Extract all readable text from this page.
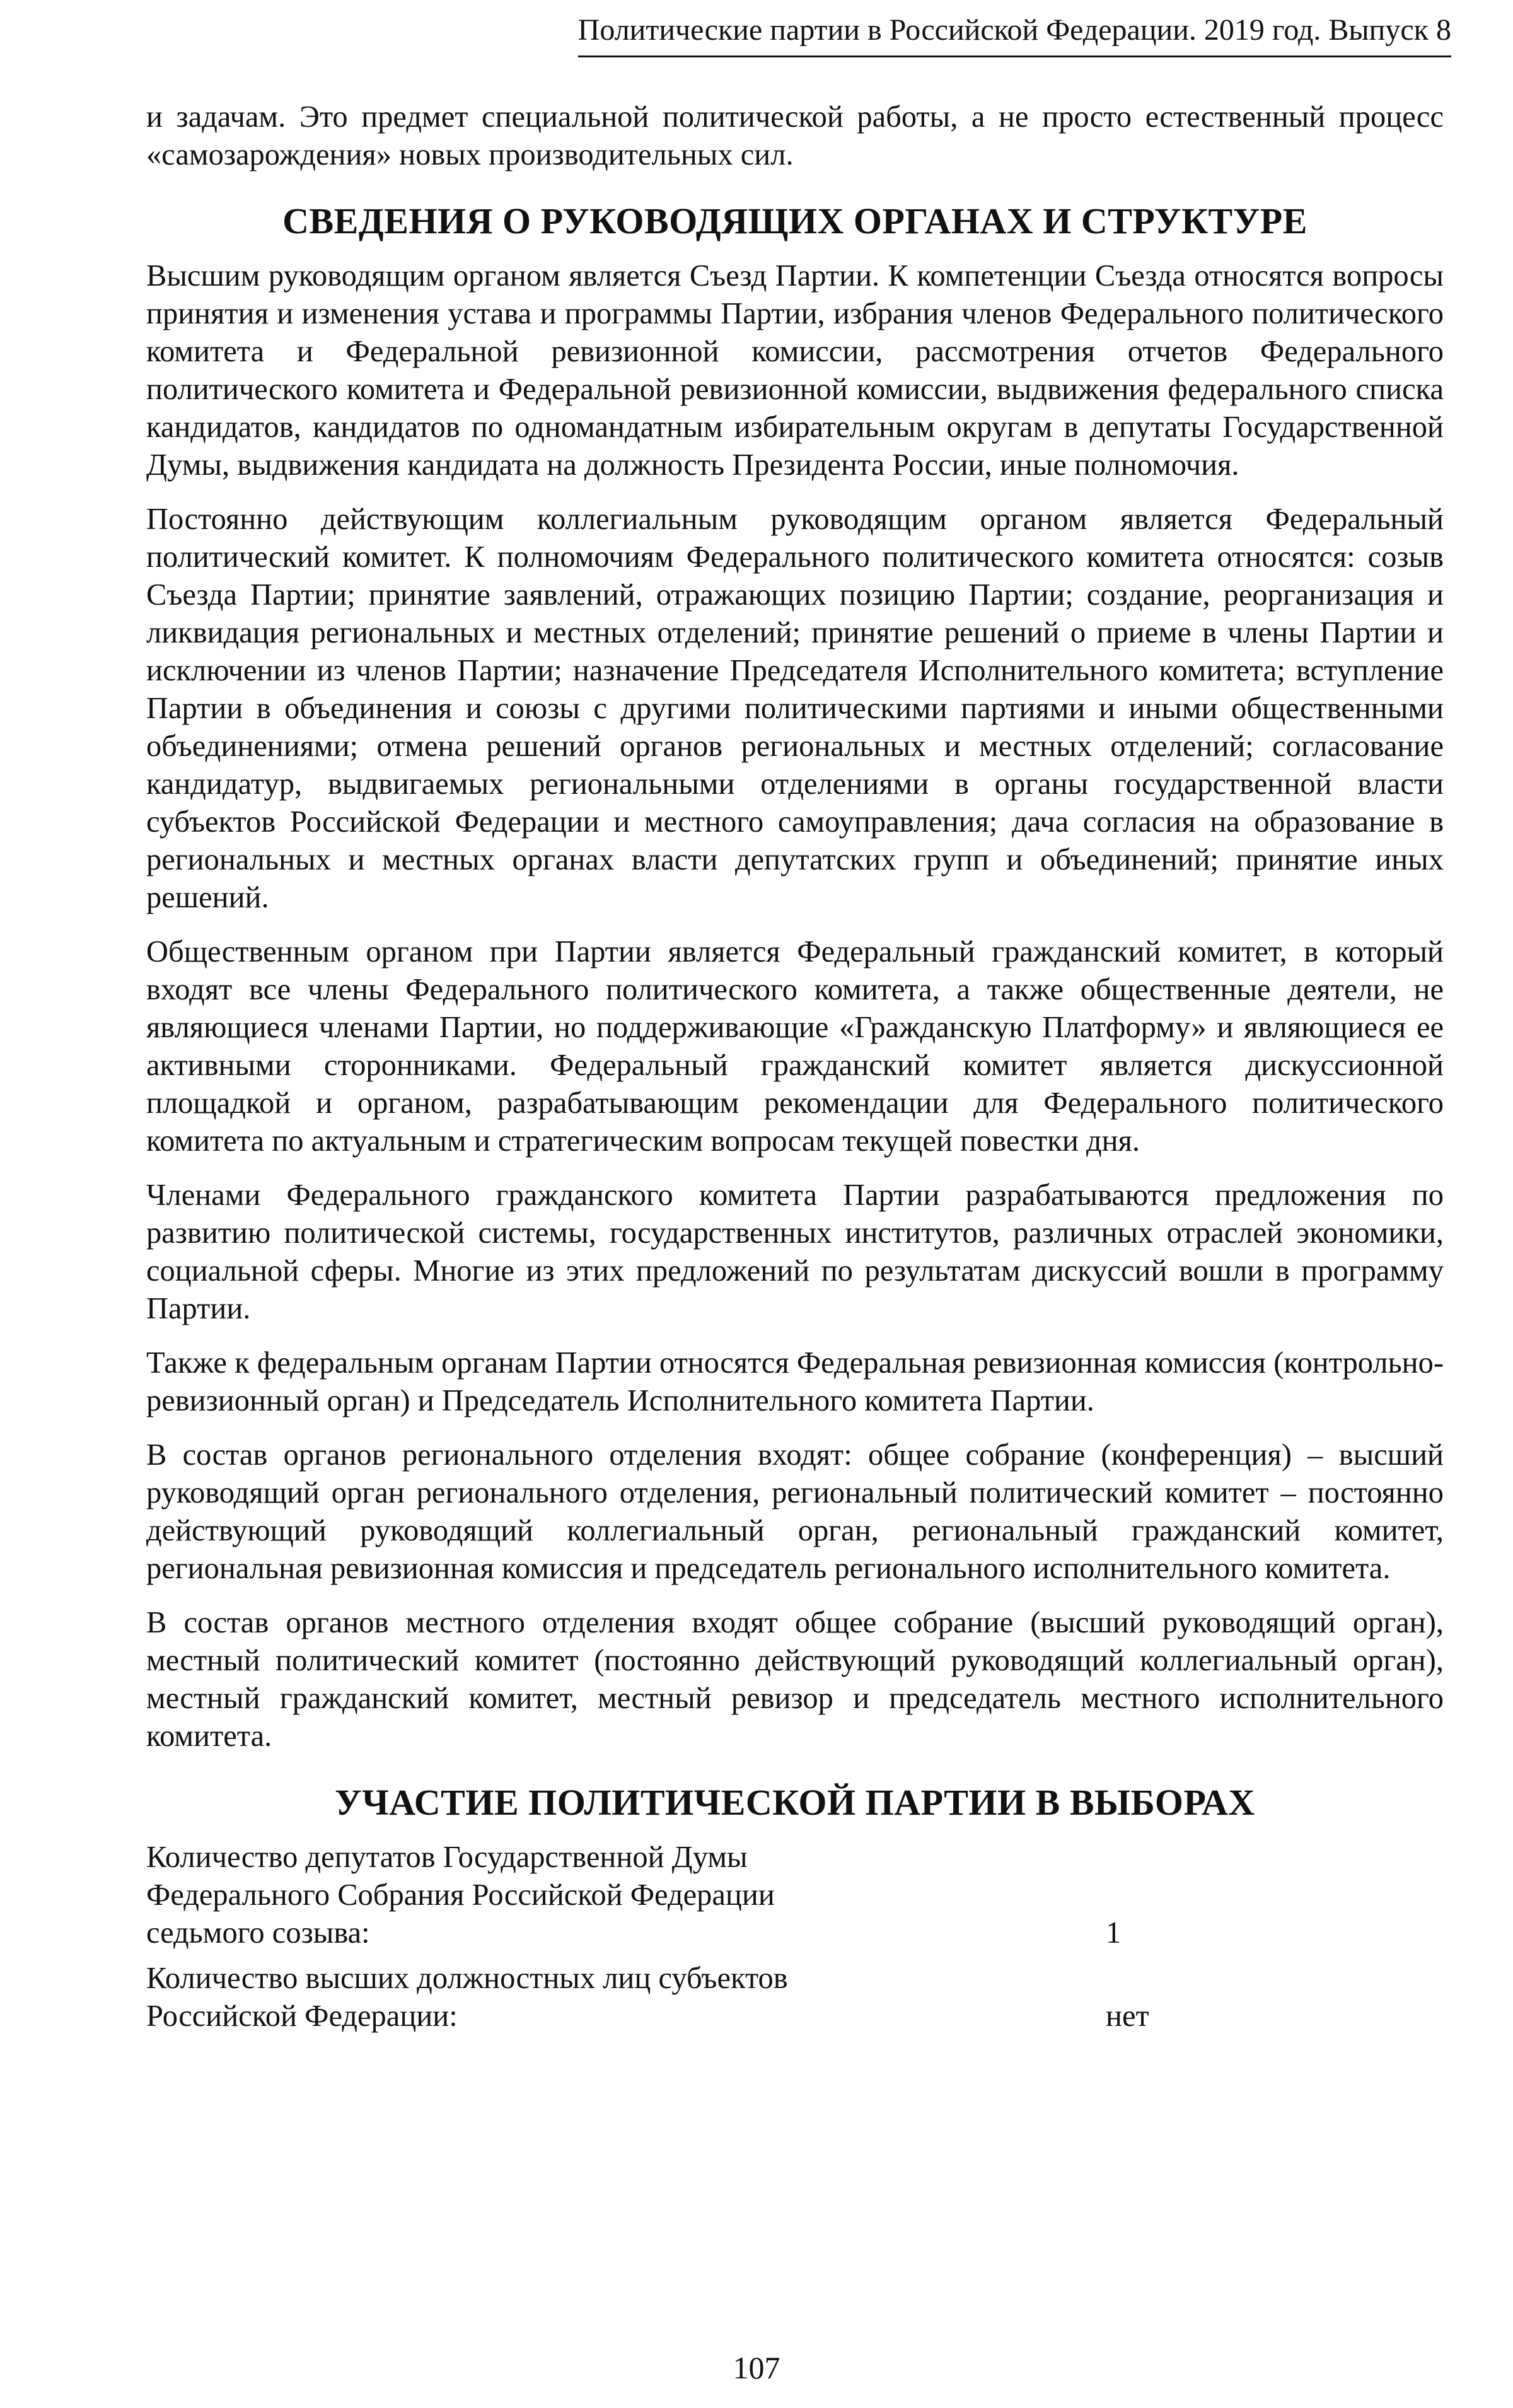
Политические партии в Российской Федерации. 2019 год. Выпуск 8

и задачам. Это предмет специальной политической работы, а не просто естественный процесс «самозарождения» новых производительных сил.

СВЕДЕНИЯ О РУКОВОДЯЩИХ ОРГАНАХ И СТРУКТУРЕ

Высшим руководящим органом является Съезд Партии. К компетенции Съезда относятся вопросы принятия и изменения устава и программы Партии, избрания членов Федерального политического комитета и Федеральной ревизионной комиссии, рассмотрения отчетов Федерального политического комитета и Федеральной ревизионной комиссии, выдвижения федерального списка кандидатов, кандидатов по одномандатным избирательным округам в депутаты Государственной Думы, выдвижения кандидата на должность Президента России, иные полномочия.

Постоянно действующим коллегиальным руководящим органом является Федеральный политический комитет. К полномочиям Федерального политического комитета относятся: созыв Съезда Партии; принятие заявлений, отражающих позицию Партии; создание, реорганизация и ликвидация региональных и местных отделений; принятие решений о приеме в члены Партии и исключении из членов Партии; назначение Председателя Исполнительного комитета; вступление Партии в объединения и союзы с другими политическими партиями и иными общественными объединениями; отмена решений органов региональных и местных отделений; согласование кандидатур, выдвигаемых региональными отделениями в органы государственной власти субъектов Российской Федерации и местного самоуправления; дача согласия на образование в региональных и местных органах власти депутатских групп и объединений; принятие иных решений.

Общественным органом при Партии является Федеральный гражданский комитет, в который входят все члены Федерального политического комитета, а также общественные деятели, не являющиеся членами Партии, но поддерживающие «Гражданскую Платформу» и являющиеся ее активными сторонниками. Федеральный гражданский комитет является дискуссионной площадкой и органом, разрабатывающим рекомендации для Федерального политического комитета по актуальным и стратегическим вопросам текущей повестки дня.

Членами Федерального гражданского комитета Партии разрабатываются предложения по развитию политической системы, государственных институтов, различных отраслей экономики, социальной сферы. Многие из этих предложений по результатам дискуссий вошли в программу Партии.

Также к федеральным органам Партии относятся Федеральная ревизионная комиссия (контрольно-ревизионный орган) и Председатель Исполнительного комитета Партии.

В состав органов регионального отделения входят: общее собрание (конференция) – высший руководящий орган регионального отделения, региональный политический комитет – постоянно действующий руководящий коллегиальный орган, региональный гражданский комитет, региональная ревизионная комиссия и председатель регионального исполнительного комитета.

В состав органов местного отделения входят общее собрание (высший руководящий орган), местный политический комитет (постоянно действующий руководящий коллегиальный орган), местный гражданский комитет, местный ревизор и председатель местного исполнительного комитета.

УЧАСТИЕ ПОЛИТИЧЕСКОЙ ПАРТИИ В ВЫБОРАХ
Количество депутатов Государственной Думы
Федерального Собрания Российской Федерации
седьмого созыва:	1
Количество высших должностных лиц субъектов
Российской Федерации:	нет
107
